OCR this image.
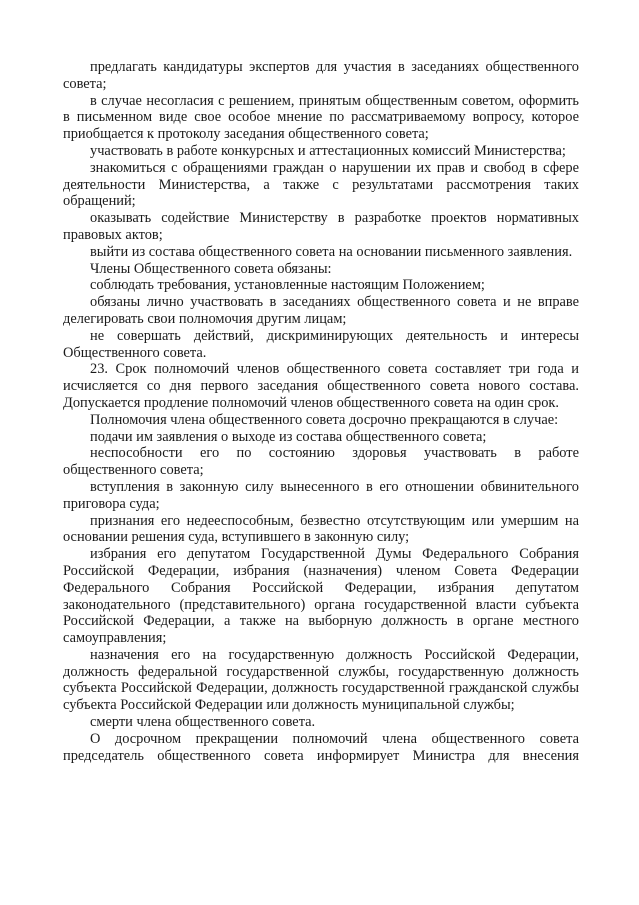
предлагать кандидатуры экспертов для участия в заседаниях общественного совета;

в случае несогласия с решением, принятым общественным советом, оформить в письменном виде свое особое мнение по рассматриваемому вопросу, которое приобщается к протоколу заседания общественного совета;

участвовать в работе конкурсных и аттестационных комиссий Министерства;

знакомиться с обращениями граждан о нарушении их прав и свобод в сфере деятельности Министерства, а также с результатами рассмотрения таких обращений;

оказывать содействие Министерству в разработке проектов нормативных правовых актов;

выйти из состава общественного совета на основании письменного заявления.

Члены Общественного совета обязаны:

соблюдать требования, установленные настоящим Положением;

обязаны лично участвовать в заседаниях общественного совета и не вправе делегировать свои полномочия другим лицам;

не совершать действий, дискриминирующих деятельность и интересы Общественного совета.

23. Срок полномочий членов общественного совета составляет три года и исчисляется со дня первого заседания общественного совета нового состава. Допускается продление полномочий членов общественного совета на один срок.

Полномочия члена общественного совета досрочно прекращаются в случае:

подачи им заявления о выходе из состава общественного совета;

неспособности его по состоянию здоровья участвовать в работе общественного совета;

вступления в законную силу вынесенного в его отношении обвинительного приговора суда;

признания его недееспособным, безвестно отсутствующим или умершим на основании решения суда, вступившего в законную силу;

избрания его депутатом Государственной Думы Федерального Собрания Российской Федерации, избрания (назначения) членом Совета Федерации Федерального Собрания Российской Федерации, избрания депутатом законодательного (представительного) органа государственной власти субъекта Российской Федерации, а также на выборную должность в органе местного самоуправления;

назначения его на государственную должность Российской Федерации, должность федеральной государственной службы, государственную должность субъекта Российской Федерации, должность государственной гражданской службы субъекта Российской Федерации или должность муниципальной службы;

смерти члена общественного совета.

О досрочном прекращении полномочий члена общественного совета председатель общественного совета информирует Министра для внесения
